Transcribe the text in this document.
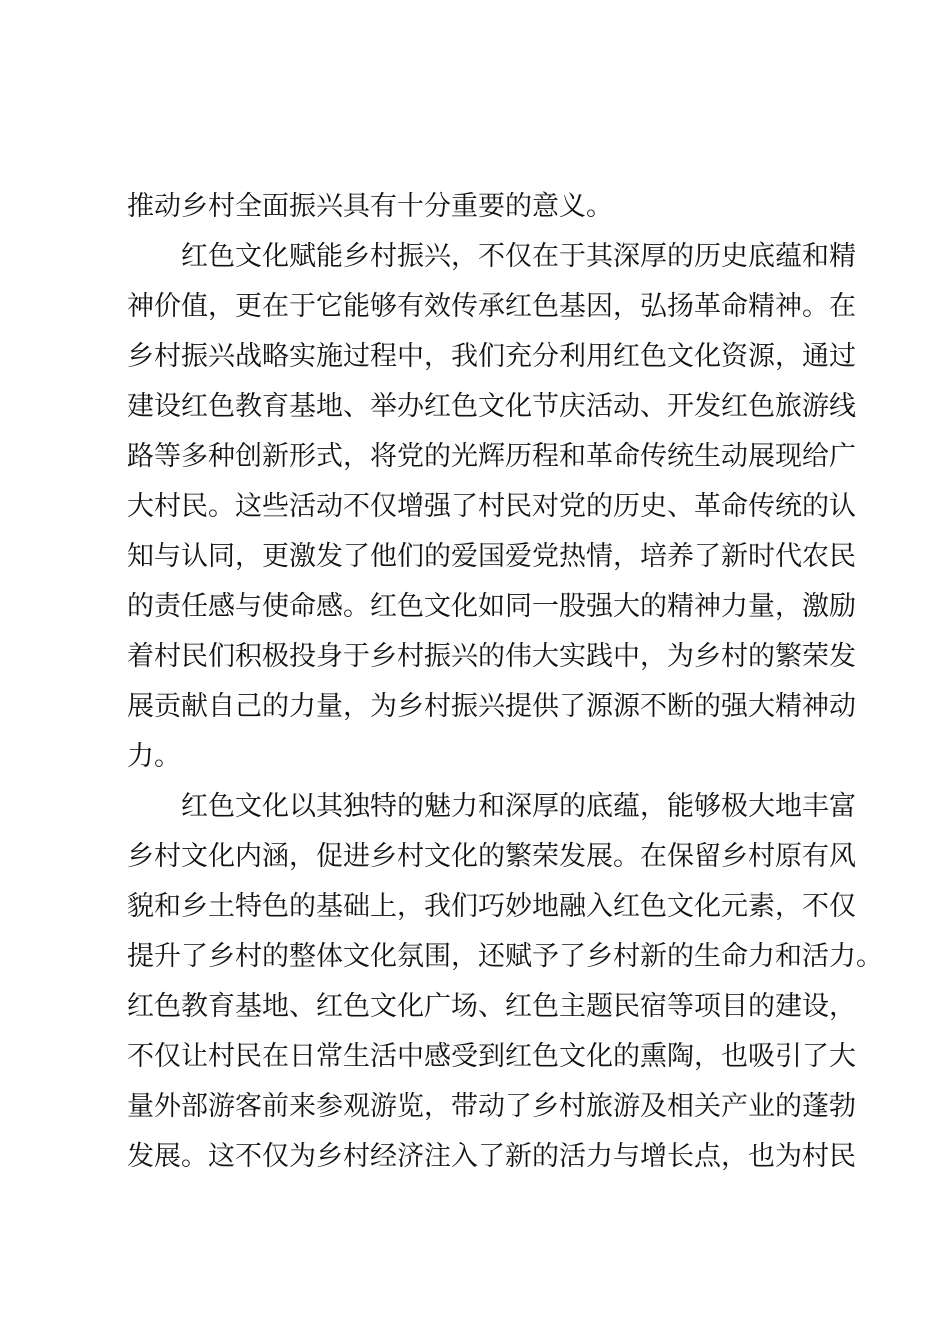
推动乡村全面振兴具有十分重要的意义。
红色文化赋能乡村振兴，不仅在于其深厚的历史底蕴和精
神价值，更在于它能够有效传承红色基因，弘扬革命精神。在
乡村振兴战略实施过程中，我们充分利用红色文化资源，通过
建设红色教育基地、举办红色文化节庆活动、开发红色旅游线
路等多种创新形式，将党的光辉历程和革命传统生动展现给广
大村民。这些活动不仅增强了村民对党的历史、革命传统的认
知与认同，更激发了他们的爱国爱党热情，培养了新时代农民
的责任感与使命感。红色文化如同一股强大的精神力量，激励
着村民们积极投身于乡村振兴的伟大实践中，为乡村的繁荣发
展贡献自己的力量，为乡村振兴提供了源源不断的强大精神动
力。
红色文化以其独特的魅力和深厚的底蕴，能够极大地丰富
乡村文化内涵，促进乡村文化的繁荣发展。在保留乡村原有风
貌和乡土特色的基础上，我们巧妙地融入红色文化元素，不仅
提升了乡村的整体文化氛围，还赋予了乡村新的生命力和活力。
红色教育基地、红色文化广场、红色主题民宿等项目的建设，
不仅让村民在日常生活中感受到红色文化的熏陶，也吸引了大
量外部游客前来参观游览，带动了乡村旅游及相关产业的蓬勃
发展。这不仅为乡村经济注入了新的活力与增长点，也为村民
